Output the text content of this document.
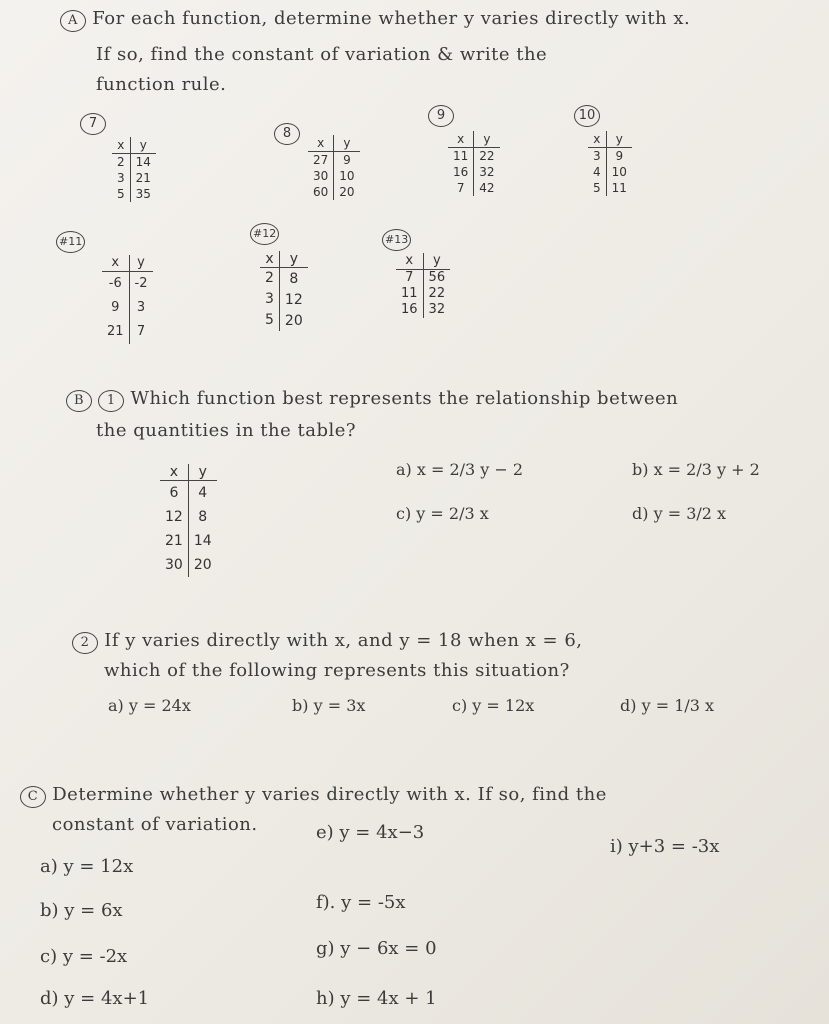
A For each function, determine whether y varies directly with x.
If so, find the constant of variation & write the
function rule.
7
x	y
2	14
3	21
5	35
8
x	y
27	9
30	10
60	20
9
x	y
11	22
16	32
7	42
10
x	y
3	9
4	10
5	11
#11
x	y
-6	-2
9	3
21	7
#12
x	y
2	8
3	12
5	20
#13
x	y
7	56
11	22
16	32
B 1 Which function best represents the relationship between
the quantities in the table?
x	y
6	4
12	8
21	14
30	20
a) x = 2/3 y − 2	b) x = 2/3 y + 2
c) y = 2/3 x	d) y = 3/2 x
2 If y varies directly with x, and y = 18 when x = 6,
which of the following represents this situation?
a) y = 24x	b) y = 3x	c) y = 12x	d) y = 1/3 x
C Determine whether y varies directly with x. If so, find the
constant of variation.
i) y+3 = -3x
a) y = 12x
b) y = 6x
c) y = -2x
d) y = 4x+1
e) y = 4x−3
f). y = -5x
g) y − 6x = 0
h) y = 4x + 1
